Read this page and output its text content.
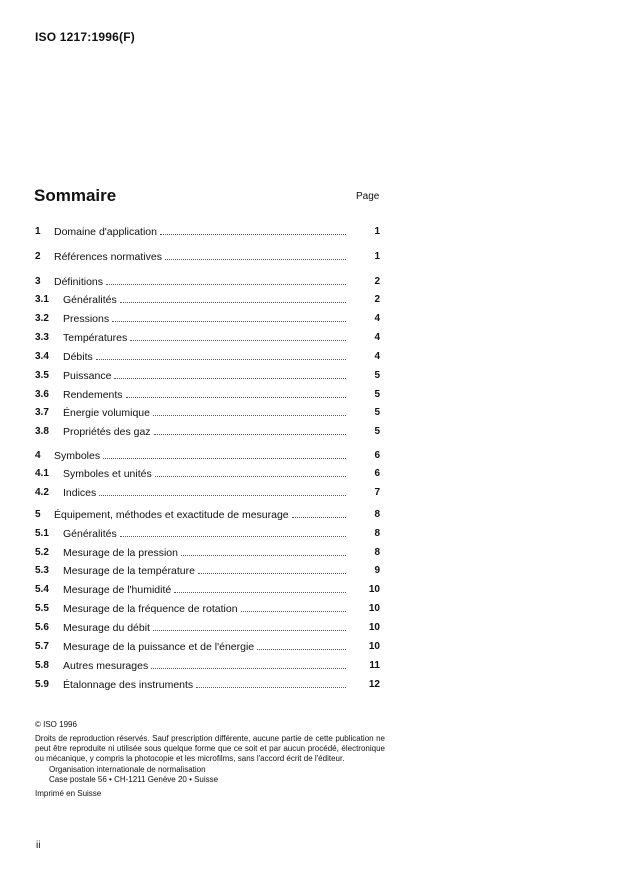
ISO 1217:1996(F)
Sommaire	Page
1 Domaine d'application	1
2 Références normatives	1
3 Définitions	2
3.1 Généralités	2
3.2 Pressions	4
3.3 Températures	4
3.4 Débits	4
3.5 Puissance	5
3.6 Rendements	5
3.7 Énergie volumique	5
3.8 Propriétés des gaz	5
4 Symboles	6
4.1 Symboles et unités	6
4.2 Indices	7
5 Équipement, méthodes et exactitude de mesurage	8
5.1 Généralités	8
5.2 Mesurage de la pression	8
5.3 Mesurage de la température	9
5.4 Mesurage de l'humidité	10
5.5 Mesurage de la fréquence de rotation	10
5.6 Mesurage du débit	10
5.7 Mesurage de la puissance et de l'énergie	10
5.8 Autres mesurages	11
5.9 Étalonnage des instruments	12
© ISO 1996
Droits de reproduction réservés. Sauf prescription différente, aucune partie de cette publication ne peut être reproduite ni utilisée sous quelque forme que ce soit et par aucun procédé, électronique ou mécanique, y compris la photocopie et les microfilms, sans l'accord écrit de l'éditeur.
Organisation internationale de normalisation
Case postale 56 • CH-1211 Genève 20 • Suisse
Imprimé en Suisse
ii
